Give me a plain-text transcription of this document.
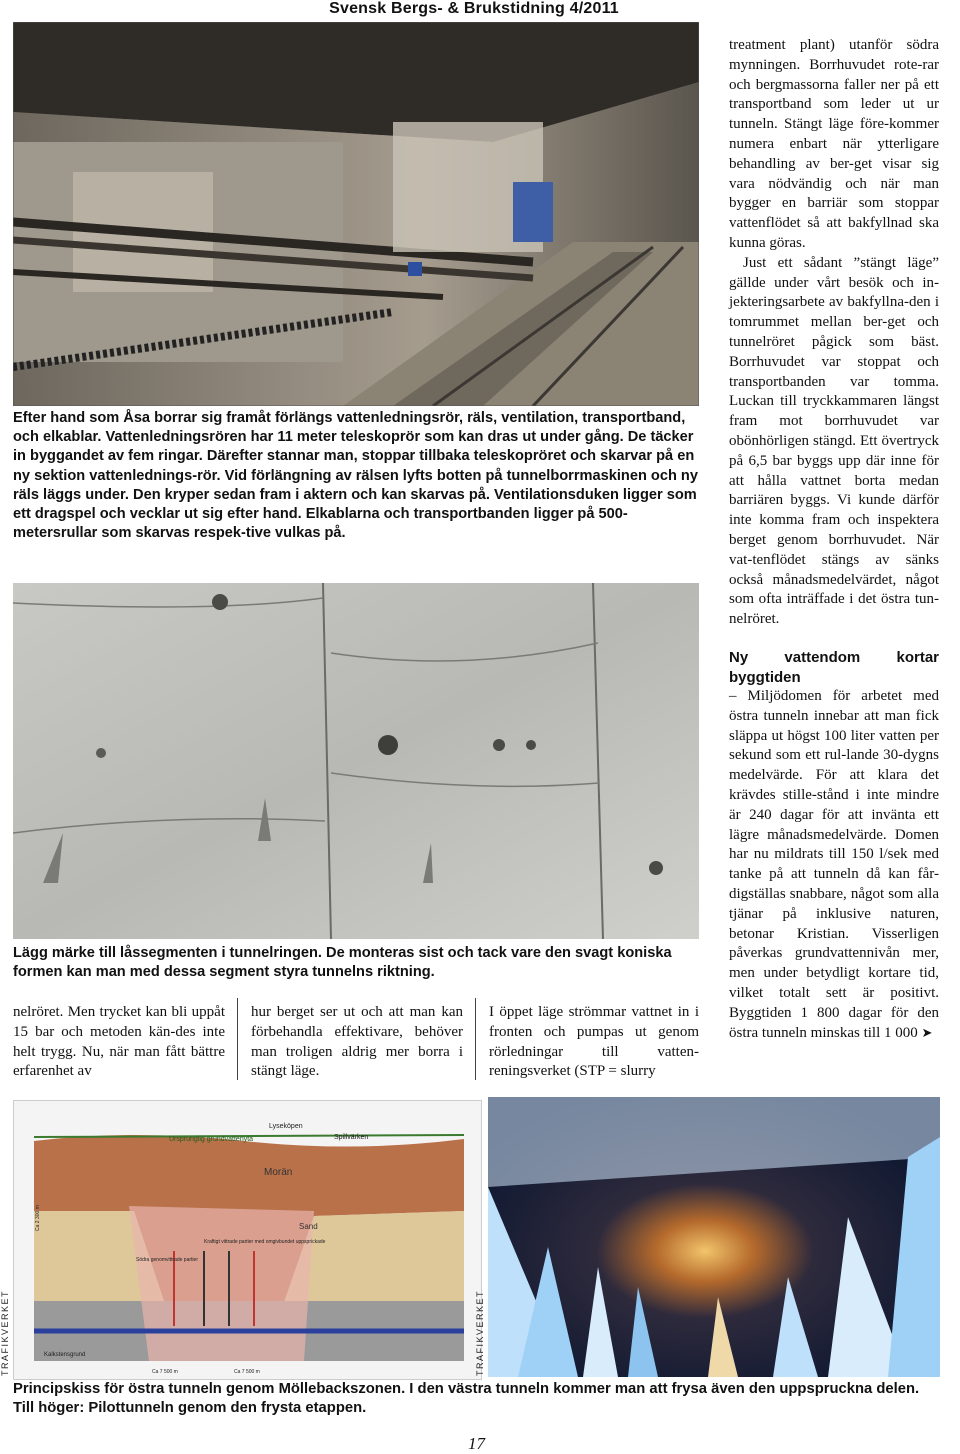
Svensk Bergs- & Brukstidning 4/2011
Efter hand som Åsa borrar sig framåt förlängs vattenledningsrör, räls, ventilation, transportband, och elkablar. Vattenledningsrören har 11 meter teleskoprör som kan dras ut under gång. De täcker in byggandet av fem ringar. Därefter stannar man, stoppar tillbaka teleskopröret och skarvar på en ny sektion vattenlednings-rör. Vid förlängning av rälsen lyfts botten på tunnelborrmaskinen och ny räls läggs under. Den kryper sedan fram i aktern och kan skarvas på. Ventilationsduken ligger som ett dragspel och vecklar ut sig efter hand. Elkablarna och transportbanden ligger på 500-metersrullar som skarvas respek-tive vulkas på.
Lägg märke till låssegmenten i tunnelringen. De monteras sist och tack vare den svagt koniska formen kan man med dessa segment styra tunnelns riktning.
nelröret. Men trycket kan bli uppåt 15 bar och metoden kän-des inte helt trygg. Nu, när man fått bättre erfarenhet av
hur berget ser ut och att man kan förbehandla effektivare, behöver man troligen aldrig mer borra i stängt läge.
I öppet läge strömmar vattnet in i fronten och pumpas ut genom rörledningar till vatten-reningsverket (STP = slurry

treatment plant) utanför södra mynningen. Borrhuvudet rote-rar och bergmassorna faller ner på ett transportband som leder ut ur tunneln. Stängt läge före-kommer numera enbart när ytterligare behandling av ber-get visar sig vara nödvändig och när man bygger en barriär som stoppar vattenflödet så att bakfyllnad ska kunna göras.

Just ett sådant ”stängt läge” gällde under vårt besök och in-jekteringsarbete av bakfyllna-den i tomrummet mellan ber-get och tunnelröret pågick som bäst. Borrhuvudet var stoppat och transportbanden var tomma. Luckan till tryckkammaren längst fram mot borrhuvudet var obönhörligen stängd. Ett övertryck på 6,5 bar byggs upp där inne för att hålla vattnet borta medan barriären byggs. Vi kunde därför inte komma fram och inspektera berget genom borrhuvudet. När vat-tenflödet stängs av sänks också månadsmedelvärdet, något som ofta inträffade i det östra tun-nelröret.

Ny vattendom kortar byggtiden

– Miljödomen för arbetet med östra tunneln innebar att man fick släppa ut högst 100 liter vatten per sekund som ett rul-lande 30-dygns medelvärde. För att klara det krävdes stille-stånd i inte mindre är 240 dagar för att invänta ett lägre månadsmedelvärde. Domen har nu mildrats till 150 l/sek med tanke på att tunneln då kan får-digställas snabbare, något som alla tjänar på inklusive naturen, betonar Kristian. Visserligen påverkas grundvattennivån mer, men under betydligt kortare tid, vilket totalt sett är positivt. Byggtiden 1 800 dagar för den östra tunneln minskas till 1 000 ➤

Ursprunglig grundvattenyta
Lyseköpen
Spillvärken
Morän
Sand
Kraftigt vittrade partier med omgivbundet uppsprickade
Södra genomvittrade partier
Kalkstensgrund
Ca 2 300 m
Ca 7 500 m	Ca 7 500 m
TRAFIKVERKET	TRAFIKVERKET
Principskiss för östra tunneln genom Möllebackszonen. I den västra tunneln kommer man att frysa även den uppspruckna delen. Till höger: Pilottunneln genom den frysta etappen.
17
